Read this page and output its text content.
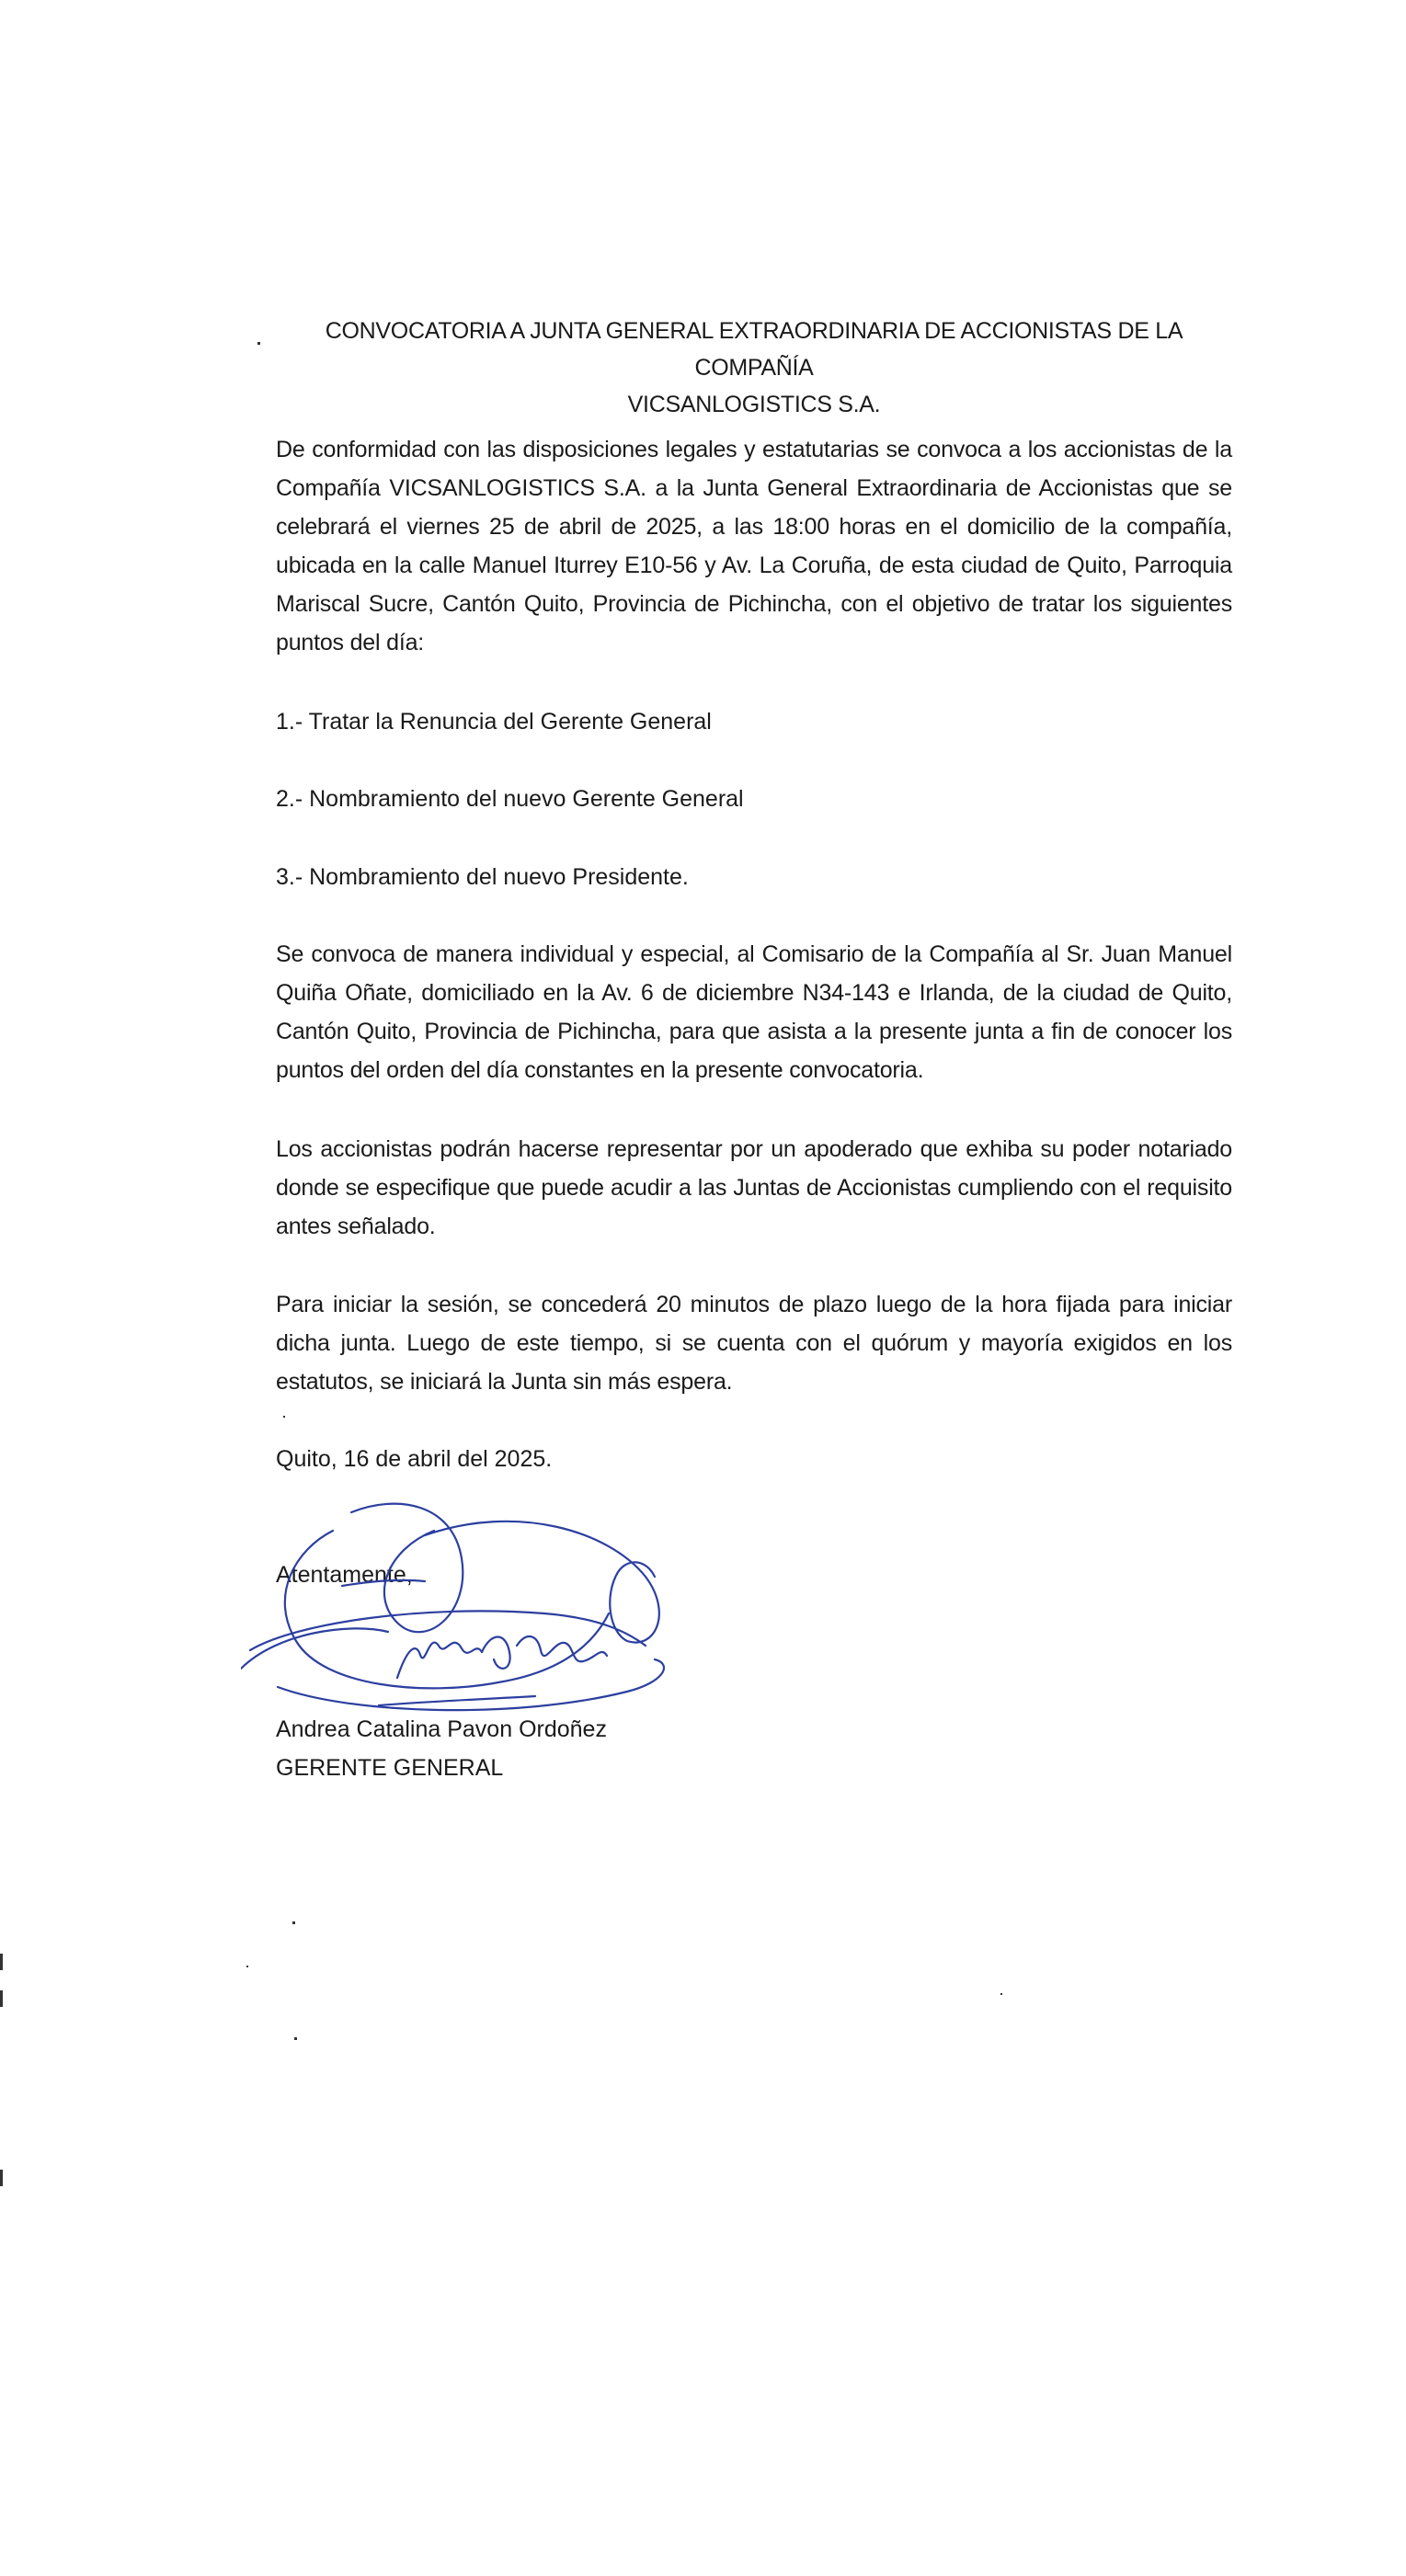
CONVOCATORIA A JUNTA GENERAL EXTRAORDINARIA DE ACCIONISTAS DE LA COMPAÑÍA
VICSANLOGISTICS S.A.

De conformidad con las disposiciones legales y estatutarias se convoca a los accionistas de la Compañía VICSANLOGISTICS S.A. a la Junta General Extraordinaria de Accionistas que se celebrará el viernes 25 de abril de 2025, a las 18:00 horas en el domicilio de la compañía, ubicada en la calle Manuel Iturrey E10-56 y Av. La Coruña, de esta ciudad de Quito, Parroquia Mariscal Sucre, Cantón Quito, Provincia de Pichincha, con el objetivo de tratar los siguientes puntos del día:

1.- Tratar la Renuncia del Gerente General

2.- Nombramiento del nuevo Gerente General

3.- Nombramiento del nuevo Presidente.

Se convoca de manera individual y especial, al Comisario de la Compañía al Sr. Juan Manuel Quiña Oñate, domiciliado en la Av. 6 de diciembre N34-143 e Irlanda, de la ciudad de Quito, Cantón Quito, Provincia de Pichincha, para que asista a la presente junta a fin de conocer los puntos del orden del día constantes en la presente convocatoria.

Los accionistas podrán hacerse representar por un apoderado que exhiba su poder notariado donde se especifique que puede acudir a las Juntas de Accionistas cumpliendo con el requisito antes señalado.

Para iniciar la sesión, se concederá 20 minutos de plazo luego de la hora fijada para iniciar dicha junta. Luego de este tiempo, si se cuenta con el quórum y mayoría exigidos en los estatutos, se iniciará la Junta sin más espera.

Quito, 16 de abril del 2025.

Atentamente,

Andrea Catalina Pavon Ordoñez

GERENTE GENERAL
